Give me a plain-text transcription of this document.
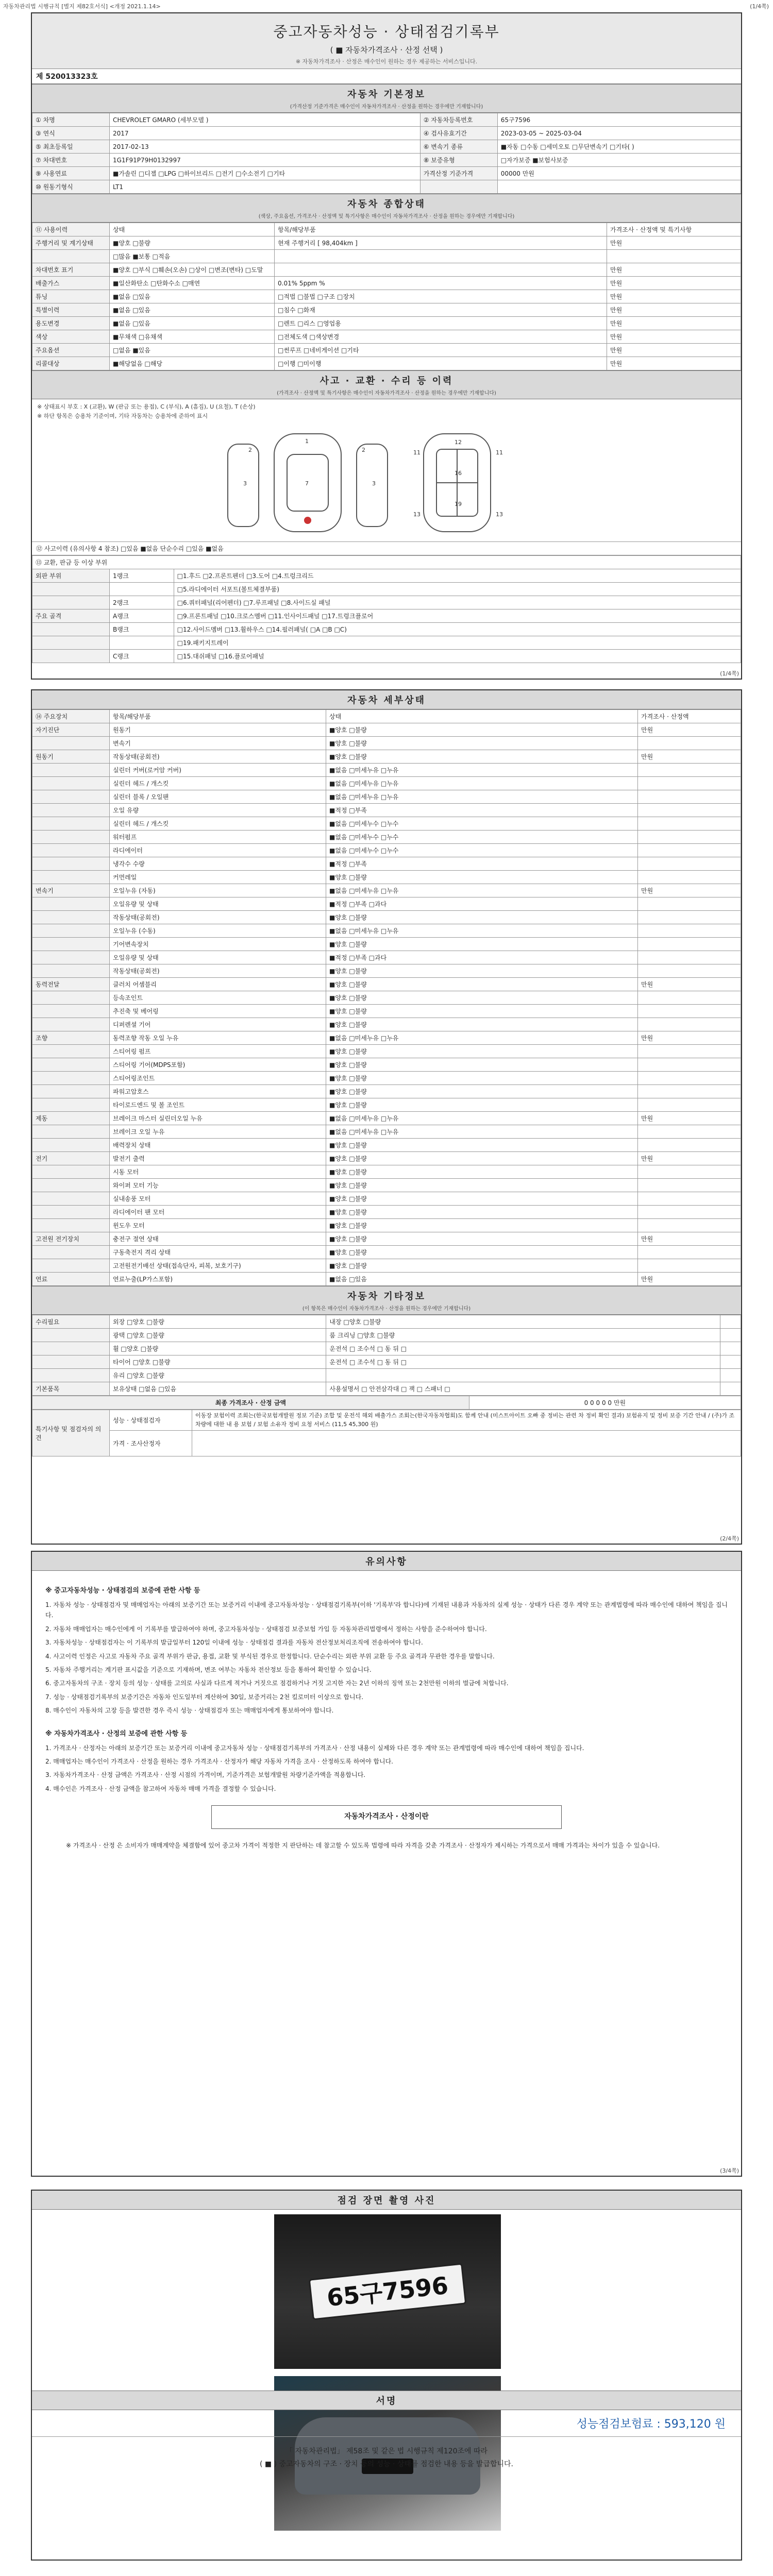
자동차관리법 시행규칙 [별지 제82호서식] <개정 2021.1.14>	(1/4쪽)
중고자동차성능 · 상태점검기록부
( ■ 자동차가격조사 · 산정 선택 )
※ 자동차가격조사 · 산정은 매수인이 원하는 경우 제공하는 서비스입니다.
제 520013323호
자동차 기본정보
(가격산정 기준가격은 매수인이 자동차가격조사 · 산정을 원하는 경우에만 기재합니다)
① 차명	CHEVROLET GMARO (세부모델 )	② 자동차등록번호	65구7596
③ 연식	2017	④ 검사유효기간	2023-03-05 ~ 2025-03-04
⑤ 최초등록일	2017-02-13	⑥ 변속기 종류	■자동 □수동 □세미오토 □무단변속기 □기타( )
⑦ 차대번호	1G1F91P79H0132997	⑧ 보증유형	□자가보증 ■보험사보증
⑨ 사용연료	■가솔린 □디젤 □LPG □하이브리드 □전기 □수소전기 □기타	가격산정 기준가격	00000 만원
⑩ 원동기형식	LT1		
자동차 종합상태
(색상, 주요옵션, 가격조사 · 산정액 및 특기사항은 매수인이 자동차가격조사 · 산정을 원하는 경우에만 기재합니다)
⑪ 사용이력	상태	항목/해당부품	가격조사 · 산정액 및 특기사항
주행거리 및 계기상태	■양호 □불량	현재 주행거리 [ 98,404km ]	만원
	□많음 ■보통 □적음		
차대번호 표기	■양호 □부식 □훼손(오손) □상이 □변조(변타) □도말		만원
배출가스	■일산화탄소 □탄화수소 □매연	0.01% 5ppm %	만원
튜닝	■없음 □있음	□적법 □불법 □구조 □장치	만원
특별이력	■없음 □있음	□침수 □화재	만원
용도변경	■없음 □있음	□렌트 □리스 □영업용	만원
색상	■무채색 □유채색	□전체도색 □색상변경	만원
주요옵션	□없음 ■있음	□썬루프 □네비게이션 □기타	만원
리콜대상	■해당없음 □해당	□이행 □미이행	만원
사고 · 교환 · 수리 등 이력
(가격조사 · 산정액 및 특기사항은 매수인이 자동차가격조사 · 산정을 원하는 경우에만 기재합니다)
※ 상태표시 부호 : X (교환), W (판금 또는 용접), C (부식), A (흠집), U (요철), T (손상)
※ 하단 항목은 승용차 기준이며, 기타 자동차는 승용차에 준하여 표시
1
2	2
3	3
7
12
16
19
11	11
13	13
⑫ 사고이력 (유의사항 4 참조) □있음 ■없음 단순수리 □있음 ■없음
⑬ 교환, 판금 등 이상 부위		
외판 부위	1랭크	□1.후드 □2.프론트펜더 □3.도어 □4.트렁크리드
		□5.라디에이터 서포트(볼트체결부품)
	2랭크	□6.쿼터패널(리어펜더) □7.루프패널 □8.사이드실 패널
주요 골격	A랭크	□9.프론트패널 □10.크로스멤버 □11.인사이드패널 □17.트렁크플로어
	B랭크	□12.사이드멤버 □13.휠하우스 □14.필러패널( □A □B □C)
		□19.패키지트레이
	C랭크	□15.대쉬패널 □16.플로어패널
(1/4쪽)
자동차 세부상태
⑭ 주요장치	항목/해당부품	상태	가격조사 · 산정액
자기진단	원동기	■양호 □불량	만원
	변속기	■양호 □불량	
원동기	작동상태(공회전)	■양호 □불량	만원
	실린더 커버(로커암 커버)	■없음 □미세누유 □누유	
	실린더 헤드 / 개스킷	■없음 □미세누유 □누유	
	실린더 블록 / 오일팬	■없음 □미세누유 □누유	
	오일 유량	■적정 □부족	
	실린더 헤드 / 개스킷	■없음 □미세누수 □누수	
	워터펌프	■없음 □미세누수 □누수	
	라디에이터	■없음 □미세누수 □누수	
	냉각수 수량	■적정 □부족	
	커먼레일	■양호 □불량	
변속기	오일누유 (자동)	■없음 □미세누유 □누유	만원
	오일유량 및 상태	■적정 □부족 □과다	
	작동상태(공회전)	■양호 □불량	
	오일누유 (수동)	■없음 □미세누유 □누유	
	기어변속장치	■양호 □불량	
	오일유량 및 상태	■적정 □부족 □과다	
	작동상태(공회전)	■양호 □불량	
동력전달	클러치 어셈블리	■양호 □불량	만원
	등속조인트	■양호 □불량	
	추진축 및 베어링	■양호 □불량	
	디퍼렌셜 기어	■양호 □불량	
조향	동력조향 작동 오일 누유	■없음 □미세누유 □누유	만원
	스티어링 펌프	■양호 □불량	
	스티어링 기어(MDPS포함)	■양호 □불량	
	스티어링조인트	■양호 □불량	
	파워고압호스	■양호 □불량	
	타이로드엔드 및 볼 조인트	■양호 □불량	
제동	브레이크 마스터 실린더오일 누유	■없음 □미세누유 □누유	만원
	브레이크 오일 누유	■없음 □미세누유 □누유	
	배력장치 상태	■양호 □불량	
전기	발전기 출력	■양호 □불량	만원
	시동 모터	■양호 □불량	
	와이퍼 모터 기능	■양호 □불량	
	실내송풍 모터	■양호 □불량	
	라디에이터 팬 모터	■양호 □불량	
	윈도우 모터	■양호 □불량	
고전원 전기장치	충전구 절연 상태	■양호 □불량	만원
	구동축전지 격리 상태	■양호 □불량	
	고전원전기배선 상태(접속단자, 피복, 보호기구)	■양호 □불량	
연료	연료누출(LP가스포함)	■없음 □있음	만원
자동차 기타정보
(이 항목은 매수인이 자동차가격조사 · 산정을 원하는 경우에만 기재합니다)
수리필요	외장 □양호 □불량	내장 □양호 □불량	
	광택 □양호 □불량	룸 크리닝 □양호 □불량	
	휠 □양호 □불량	운전석 □ 조수석 □ 동 뒤 □	
	타이어 □양호 □불량	운전석 □ 조수석 □ 동 뒤 □	
	유리 □양호 □불량		
기본품목	보유상태 □없음 □있음	사용설명서 □ 안전삼각대 □ 잭 □ 스패너 □	
최종 가격조사 · 산정 금액	0 0 0 0 0 만원
특기사항 및 점검자의 의견	성능 · 상태점검자	이동장 보험이력 조회는(한국보험개발원 정보 기준) 조합 및 운전석 해외 배출가스 조회는(한국자동차협회)도 함께 안내 (미스트아이트 오빠 중 정비는 관련 차 정비 확인 결과) 보험유지 및 정비 보증 기간 안내 / (주)가 조 차량에 대한 내 용 보험 / 보험 소유자 정비 요청 서비스 (11,5 45,300 원)
	가격 · 조사산정자	
(2/4쪽)
유의사항
※ 중고자동차성능 · 상태점검의 보증에 관한 사항 등

1. 자동차 성능 · 상태점검자 및 매매업자는 아래의 보증기간 또는 보증거리 이내에 중고자동차성능 · 상태점검기록부(이하 '기록부'라 합니다)에 기재된 내용과 자동차의 실제 성능 · 상태가 다른 경우 계약 또는 관계법령에 따라 매수인에 대하여 책임을 집니다.

2. 자동차 매매업자는 매수인에게 이 기록부를 발급하여야 하며, 중고자동차성능 · 상태점검 보증보험 가입 등 자동차관리법령에서 정하는 사항을 준수하여야 합니다.

3. 자동차성능 · 상태점검자는 이 기록부의 발급일부터 120일 이내에 성능 · 상태점검 결과를 자동차 전산정보처리조직에 전송하여야 합니다.

4. 사고이력 인정은 사고로 자동차 주요 골격 부위가 판금, 용접, 교환 및 부식된 경우로 한정합니다. 단순수리는 외판 부위 교환 등 주요 골격과 무관한 경우를 말합니다.

5. 자동차 주행거리는 계기판 표시값을 기준으로 기재하며, 변조 여부는 자동차 전산정보 등을 통하여 확인할 수 있습니다.

6. 중고자동차의 구조 · 장치 등의 성능 · 상태를 고의로 사실과 다르게 적거나 거짓으로 점검하거나 거짓 고지한 자는 2년 이하의 징역 또는 2천만원 이하의 벌금에 처합니다.

7. 성능 · 상태점검기록부의 보증기간은 자동차 인도일부터 계산하여 30일, 보증거리는 2천 킬로미터 이상으로 합니다.

8. 매수인이 자동차의 고장 등을 발견한 경우 즉시 성능 · 상태점검자 또는 매매업자에게 통보하여야 합니다.

※ 자동차가격조사 · 산정의 보증에 관한 사항 등

1. 가격조사 · 산정자는 아래의 보증기간 또는 보증거리 이내에 중고자동차 성능 · 상태점검기록부의 가격조사 · 산정 내용이 실제와 다른 경우 계약 또는 관계법령에 따라 매수인에 대하여 책임을 집니다.

2. 매매업자는 매수인이 가격조사 · 산정을 원하는 경우 가격조사 · 산정자가 해당 자동차 가격을 조사 · 산정하도록 하여야 합니다.

3. 자동차가격조사 · 산정 금액은 가격조사 · 산정 시점의 가격이며, 기준가격은 보험개발원 차량기준가액을 적용합니다.

4. 매수인은 가격조사 · 산정 금액을 참고하여 자동차 매매 가격을 결정할 수 있습니다.

자동차가격조사 · 산정이란
※ 가격조사 · 산정 은 소비자가 매매계약을 체결함에 있어 중고차 가격이 적정한 지 판단하는 데 참고할 수 있도록 법령에 따라 자격을 갖춘 가격조사 · 산정자가 제시하는 가격으로서 매매 가격과는 차이가 있을 수 있습니다.
(3/4쪽)
점검 장면 촬영 사진
65구7596
서명
성능점검보험료 : 593,120 원
「 자동차관리법」 제58조 및 같은 법 시행규칙 제120조에 따라
( ■ ) 중고자동차의 구조 · 장치 등의 성능 · 상태를 점검한 내용 등을 발급합니다.
